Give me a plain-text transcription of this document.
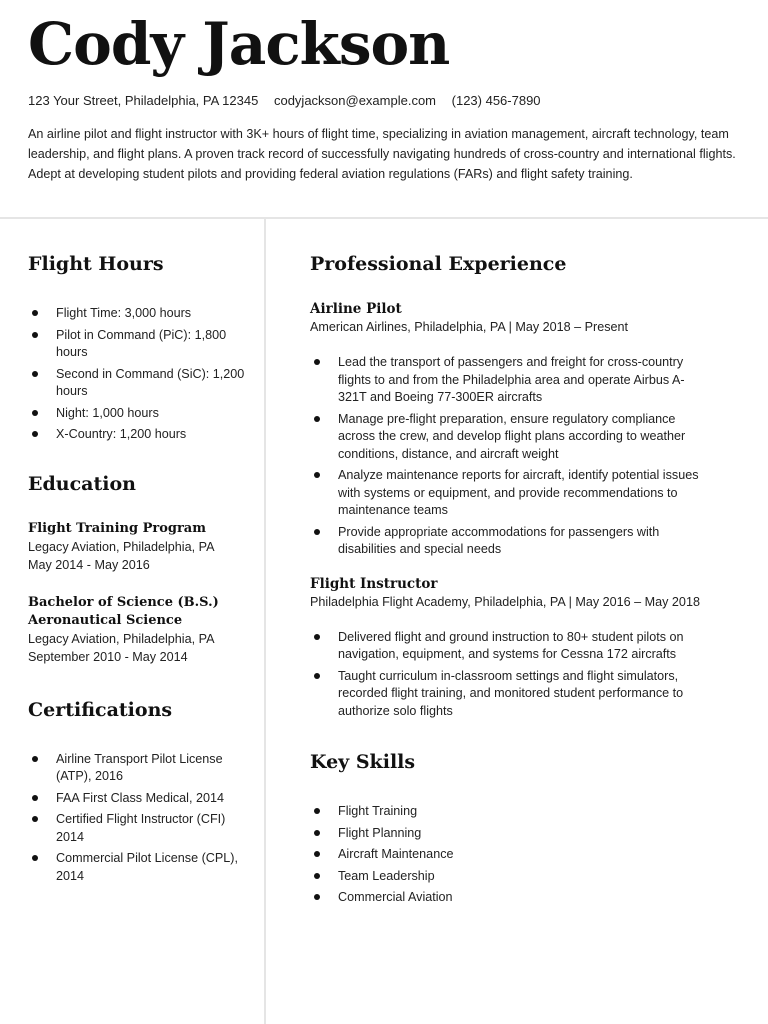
Cody Jackson
123 Your Street, Philadelphia, PA 12345 codyjackson@example.com (123) 456-7890

An airline pilot and flight instructor with 3K+ hours of flight time, specializing in aviation management, aircraft technology, team leadership, and flight plans. A proven track record of successfully navigating hundreds of cross-country and international flights. Adept at developing student pilots and providing federal aviation regulations (FARs) and flight safety training.

Flight Hours
Flight Time: 3,000 hours
Pilot in Command (PiC): 1,800 hours
Second in Command (SiC): 1,200 hours
Night: 1,000 hours
X-Country: 1,200 hours
Education

Flight Training Program

Legacy Aviation, Philadelphia, PA

May 2014 - May 2016

Bachelor of Science (B.S.) Aeronautical Science

Legacy Aviation, Philadelphia, PA

September 2010 - May 2014

Certifications
Airline Transport Pilot License (ATP), 2016
FAA First Class Medical, 2014
Certified Flight Instructor (CFI) 2014
Commercial Pilot License (CPL), 2014
Professional Experience

Airline Pilot

American Airlines, Philadelphia, PA | May 2018 – Present

Lead the transport of passengers and freight for cross-country flights to and from the Philadelphia area and operate Airbus A-321T and Boeing 77-300ER aircrafts
Manage pre-flight preparation, ensure regulatory compliance across the crew, and develop flight plans according to weather conditions, distance, and aircraft weight
Analyze maintenance reports for aircraft, identify potential issues with systems or equipment, and provide recommendations to maintenance teams
Provide appropriate accommodations for passengers with disabilities and special needs

Flight Instructor

Philadelphia Flight Academy, Philadelphia, PA | May 2016 – May 2018

Delivered flight and ground instruction to 80+ student pilots on navigation, equipment, and systems for Cessna 172 aircrafts
Taught curriculum in-classroom settings and flight simulators, recorded flight training, and monitored student performance to authorize solo flights
Key Skills
Flight Training
Flight Planning
Aircraft Maintenance
Team Leadership
Commercial Aviation
